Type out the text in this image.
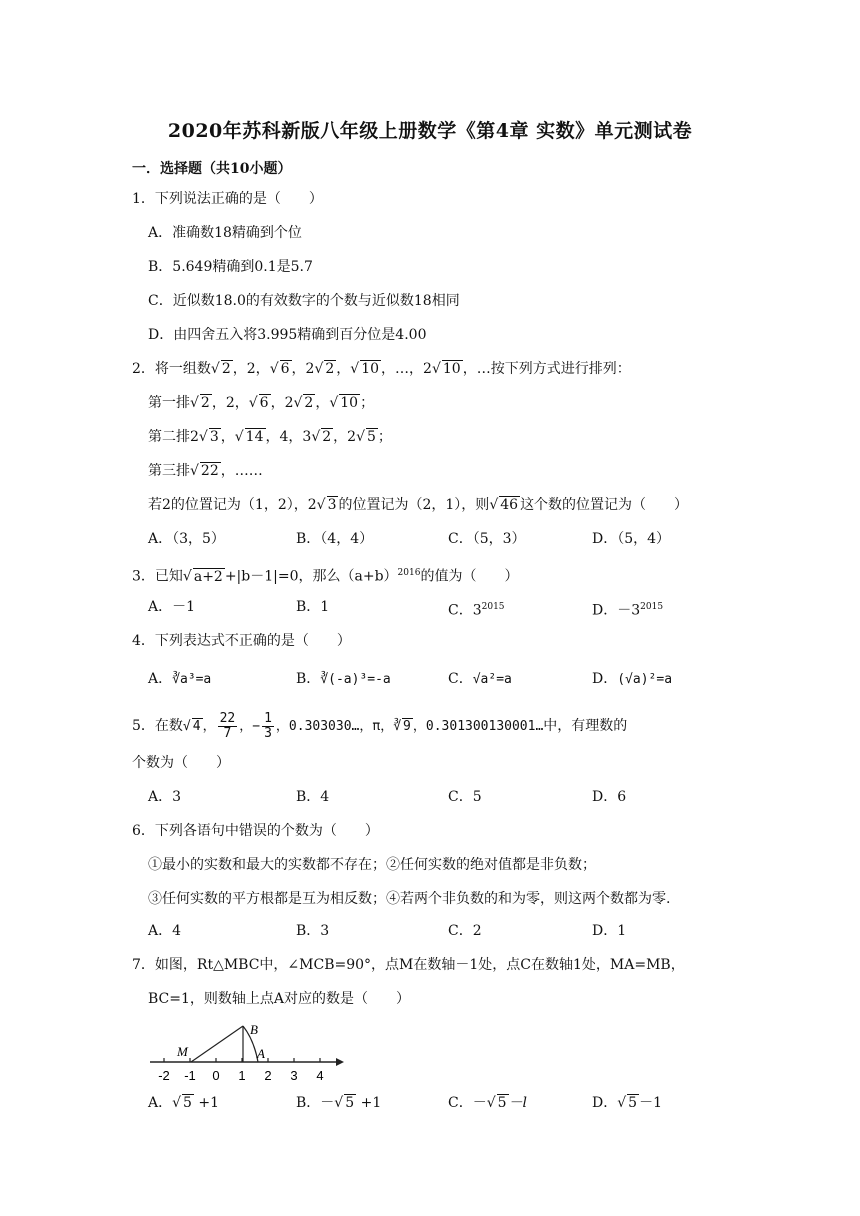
2020年苏科新版八年级上册数学《第4章 实数》单元测试卷
一．选择题（共10小题）
1．下列说法正确的是（　　）
A．准确数18精确到个位
B．5.649精确到0.1是5.7
C．近似数18.0的有效数字的个数与近似数18相同
D．由四舍五入将3.995精确到百分位是4.00
2．将一组数√ 2 ，2，√ 6 ，2√ 2 ，√ 10 ，…，2√ 10 ，…按下列方式进行排列：
第一排√ 2 ，2，√ 6 ，2√ 2 ，√ 10 ；
第二排2√ 3 ，√ 14 ，4，3√ 2 ，2√ 5 ；
第三排√ 22 ，……
若2的位置记为（1，2），2√ 3 的位置记为（2，1），则√ 46 这个数的位置记为（　　）
A．（3，5）	B．（4，4）	C．（5，3）	D．（5，4）
3．已知√ a+2 +|b－1|=0，那么$(a+b)^{2016}$的值为（　　）
A．－1	B．1	C．$3^{2015}$	D．$-3^{2015}$
4．下列表达式不正确的是（　　）
A．∛a³=a	B．∛(-a)³=-a	C．√a²=a	D．(√a)²=a
5．在数√ 4 ， $\frac{22}{7}$ ，− $\frac{1}{3}$ ，0.303030…，π，∛ 9 ，0.301300130001…中，有理数的
个数为（　　）
A．3	B．4	C．5	D．6
6．下列各语句中错误的个数为（　　）
①最小的实数和最大的实数都不存在；②任何实数的绝对值都是非负数；
③任何实数的平方根都是互为相反数；④若两个非负数的和为零，则这两个数都为零.
A．4	B．3	C．2	D．1
7．如图，Rt△MBC中，∠MCB=90°，点M在数轴－1处，点C在数轴1处，MA=MB，
BC=1，则数轴上点A对应的数是（　　）
M
B
A
-2 -1 0 1 2 3 4
A．√ 5 +1	B．－√ 5 +1	C．－√ 5 －l	D．√ 5 －1
